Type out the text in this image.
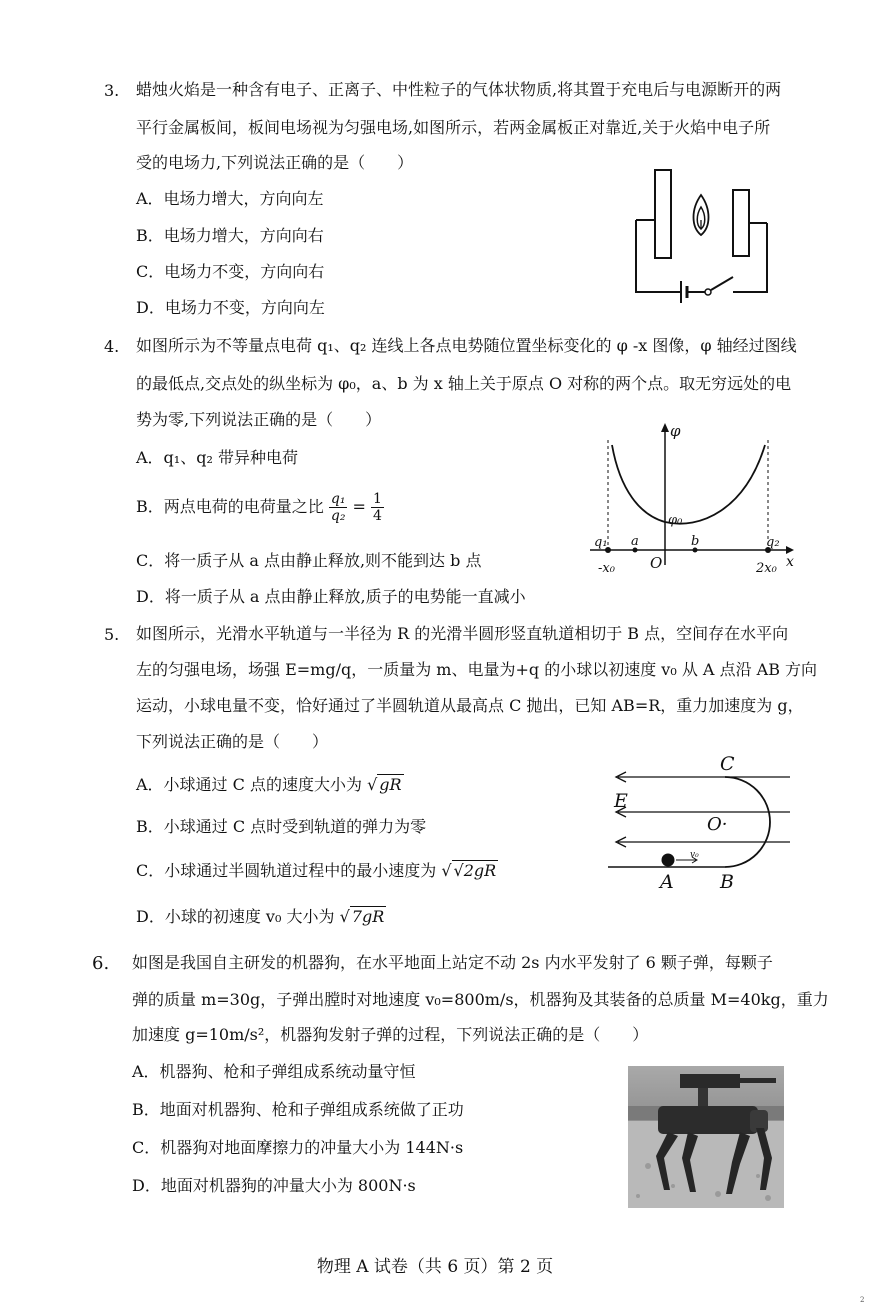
3. 蜡烛火焰是一种含有电子、正离子、中性粒子的气体状物质,将其置于充电后与电源断开的两
平行金属板间，板间电场视为匀强电场,如图所示，若两金属板正对靠近,关于火焰中电子所
受的电场力,下列说法正确的是（　　）
A．电场力增大，方向向左
B．电场力增大，方向向右
C．电场力不变，方向向右
D．电场力不变，方向向左
4. 如图所示为不等量点电荷 q₁、q₂ 连线上各点电势随位置坐标变化的 φ -x 图像，φ 轴经过图线
的最低点,交点处的纵坐标为 φ₀，a、b 为 x 轴上关于原点 O 对称的两个点。取无穷远处的电
势为零,下列说法正确的是（　　）
A．q₁、q₂ 带异种电荷
B．两点电荷的电荷量之比 $\frac{\text{q₁}}{\text{q₂}} = \frac{1}{4}$
C．将一质子从 a 点由静止释放,则不能到达 b 点
D．将一质子从 a 点由静止释放,质子的电势能一直减小
φ
x
φ₀
q₁	q₂
a	b
O
-x₀	2x₀
5. 如图所示，光滑水平轨道与一半径为 R 的光滑半圆形竖直轨道相切于 B 点，空间存在水平向
左的匀强电场，场强 E=mg/q，一质量为 m、电量为+q 的小球以初速度 v₀ 从 A 点沿 AB 方向
运动，小球电量不变，恰好通过了半圆轨道从最高点 C 抛出，已知 AB=R，重力加速度为 g，
下列说法正确的是（　　）
A．小球通过 C 点的速度大小为 √ gR
B．小球通过 C 点时受到轨道的弹力为零
C．小球通过半圆轨道过程中的最小速度为 √ √2gR
D．小球的初速度 v₀ 大小为 √ 7gR
v₀
C
E
O·
A B
6. 如图是我国自主研发的机器狗，在水平地面上站定不动 2s 内水平发射了 6 颗子弹，每颗子
弹的质量 m=30g，子弹出膛时对地速度 v₀=800m/s，机器狗及其装备的总质量 M=40kg，重力
加速度 g=10m/s²，机器狗发射子弹的过程，下列说法正确的是（　　）
A．机器狗、枪和子弹组成系统动量守恒
B．地面对机器狗、枪和子弹组成系统做了正功
C．机器狗对地面摩擦力的冲量大小为 144N·s
D．地面对机器狗的冲量大小为 800N·s
物理 A 试卷（共 6 页）第 2 页
2
